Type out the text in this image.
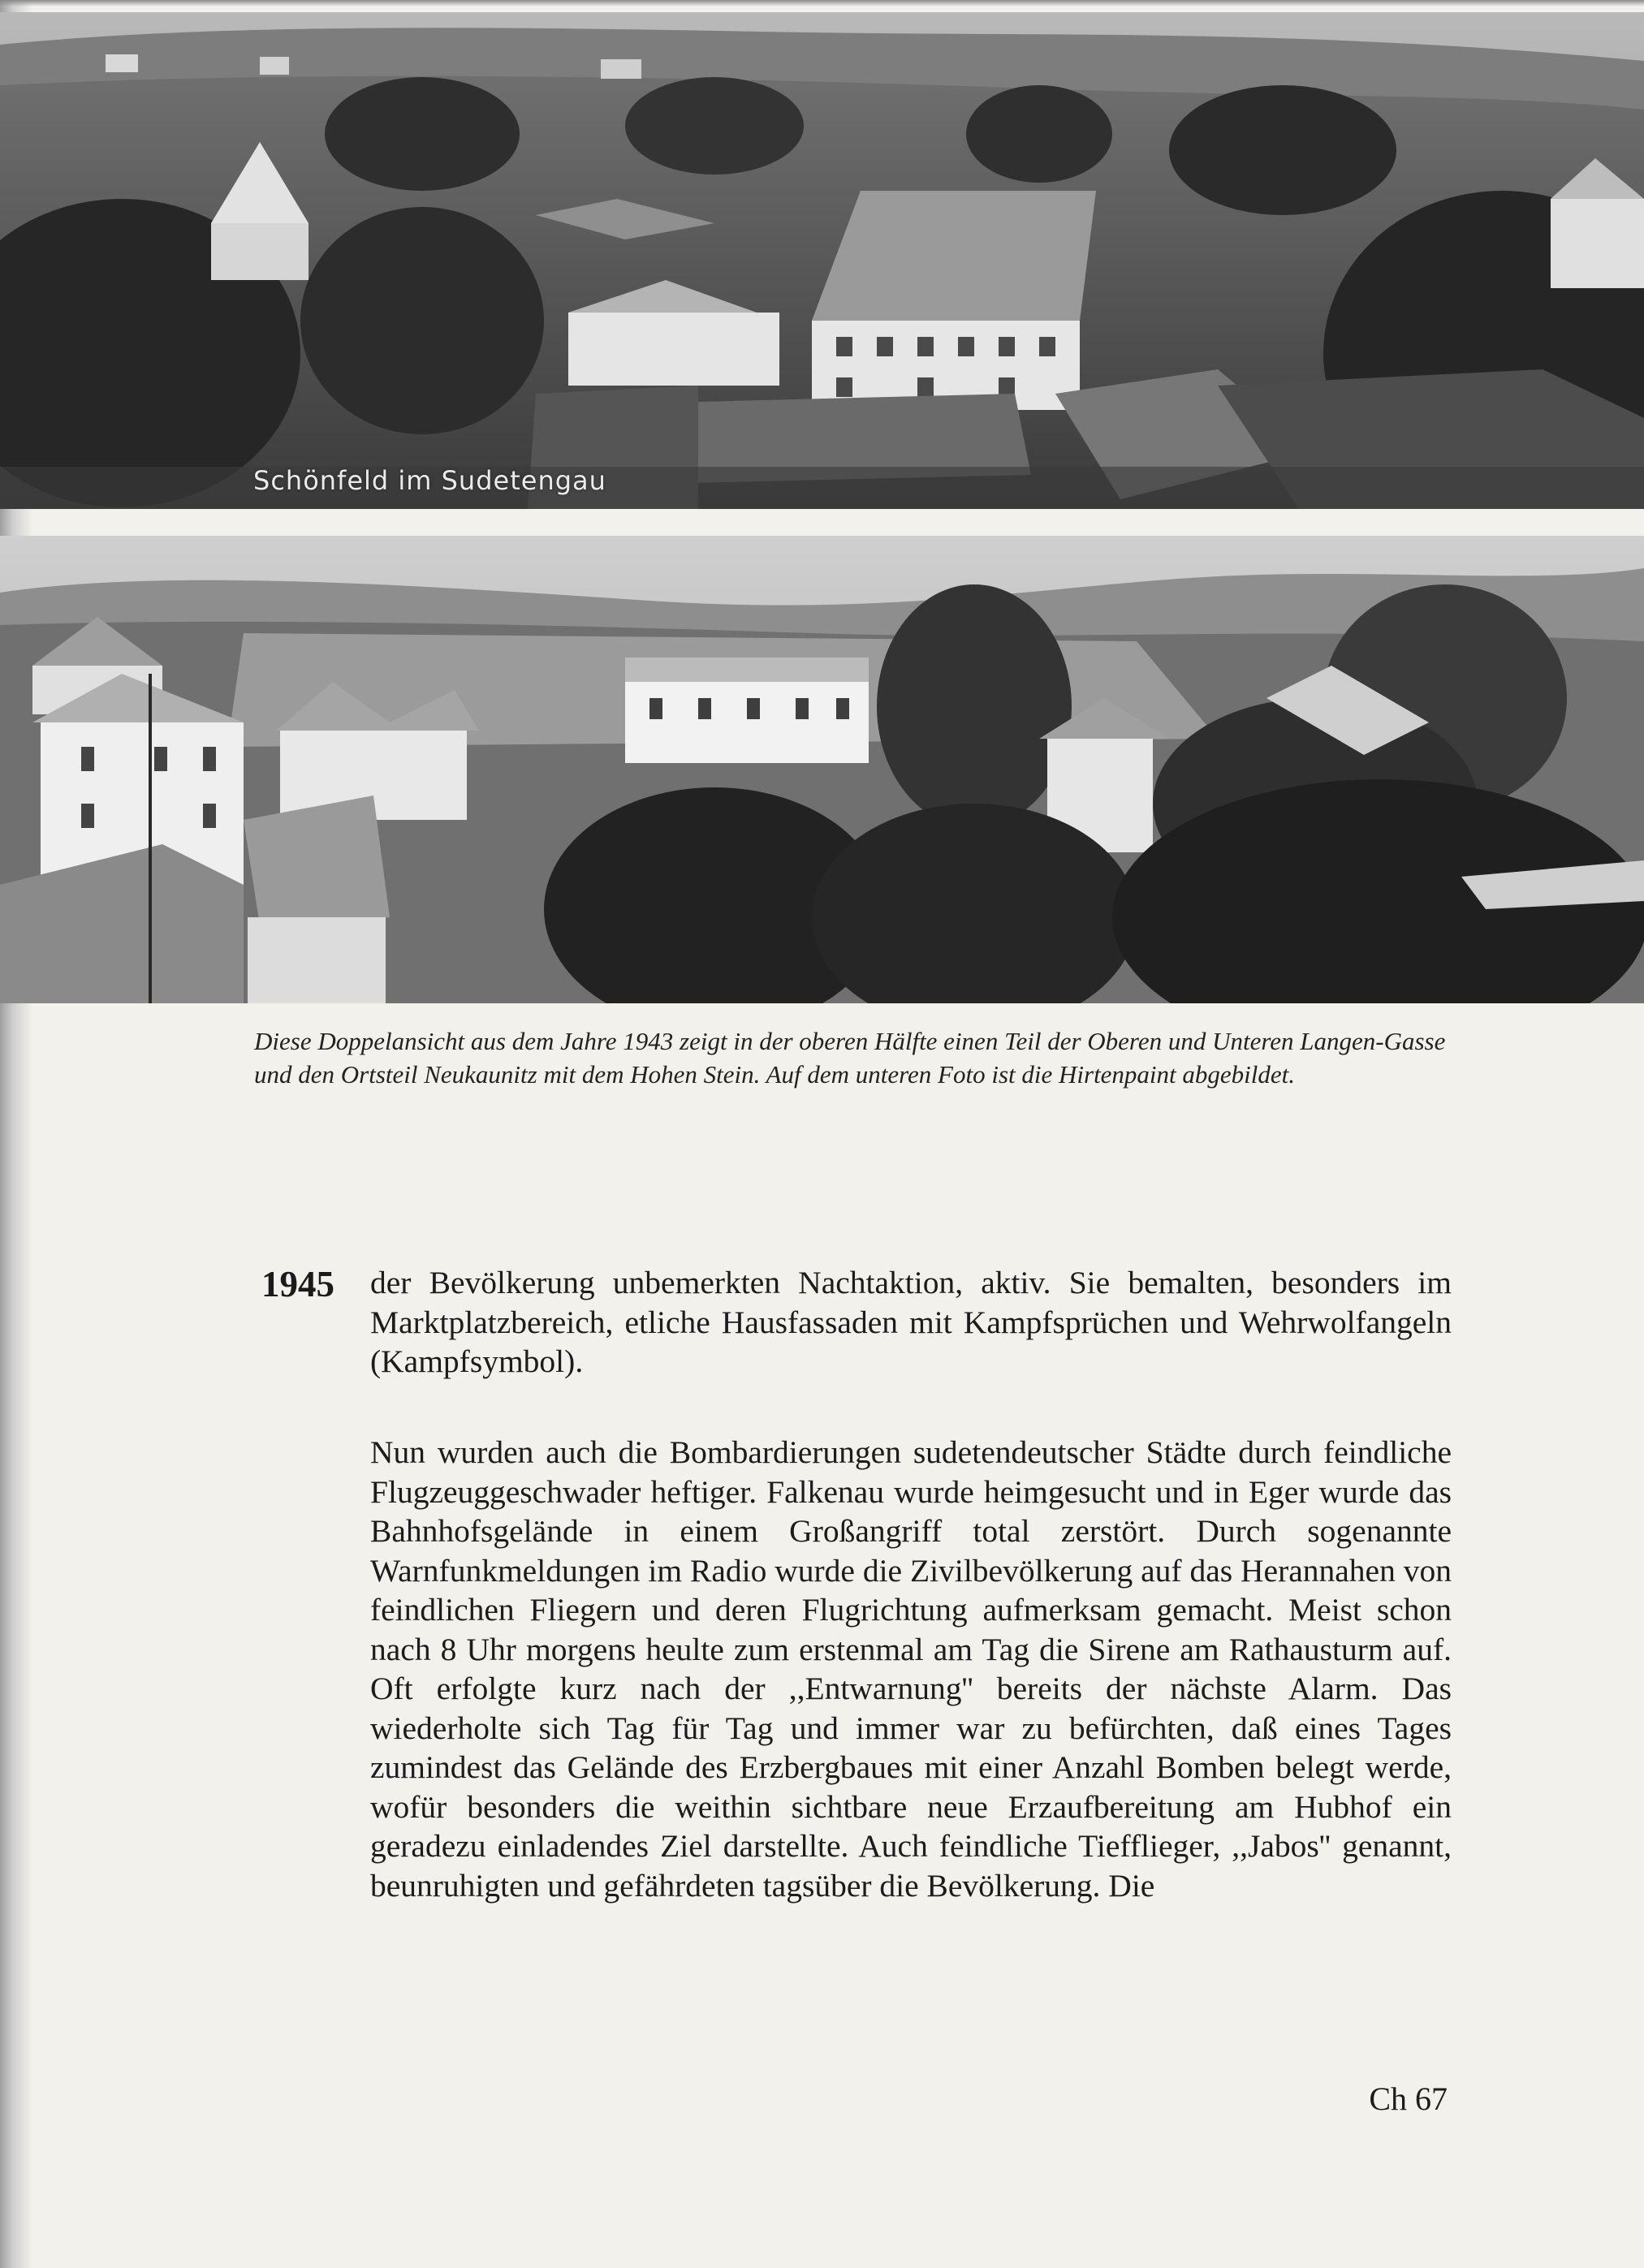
Schönfeld im Sudetengau
Diese Doppelansicht aus dem Jahre 1943 zeigt in der oberen Hälfte einen Teil der Oberen und Unteren Langen-Gasse und den Ortsteil Neukaunitz mit dem Hohen Stein. Auf dem unteren Foto ist die Hirtenpaint abgebildet.
1945 der Bevölkerung unbemerkten Nachtaktion, aktiv. Sie bemalten, besonders im Marktplatzbereich, etliche Hausfassaden mit Kampfsprüchen und Wehrwolfangeln (Kampfsymbol).
Nun wurden auch die Bombardierungen sudetendeutscher Städte durch feindliche Flugzeuggeschwader heftiger. Falkenau wurde heimgesucht und in Eger wurde das Bahnhofsgelände in einem Großangriff total zerstört. Durch sogenannte Warnfunkmeldungen im Radio wurde die Zivilbevölkerung auf das Herannahen von feindlichen Fliegern und deren Flugrichtung aufmerksam gemacht. Meist schon nach 8 Uhr morgens heulte zum erstenmal am Tag die Sirene am Rathausturm auf. Oft erfolgte kurz nach der ,,Entwarnung'' bereits der nächste Alarm. Das wiederholte sich Tag für Tag und immer war zu befürchten, daß eines Tages zumindest das Gelände des Erzbergbaues mit einer Anzahl Bomben belegt werde, wofür besonders die weithin sichtbare neue Erzaufbereitung am Hubhof ein geradezu einladendes Ziel darstellte. Auch feindliche Tiefflieger, ,,Jabos'' genannt, beunruhigten und gefährdeten tagsüber die Bevölkerung. Die
Ch 67
